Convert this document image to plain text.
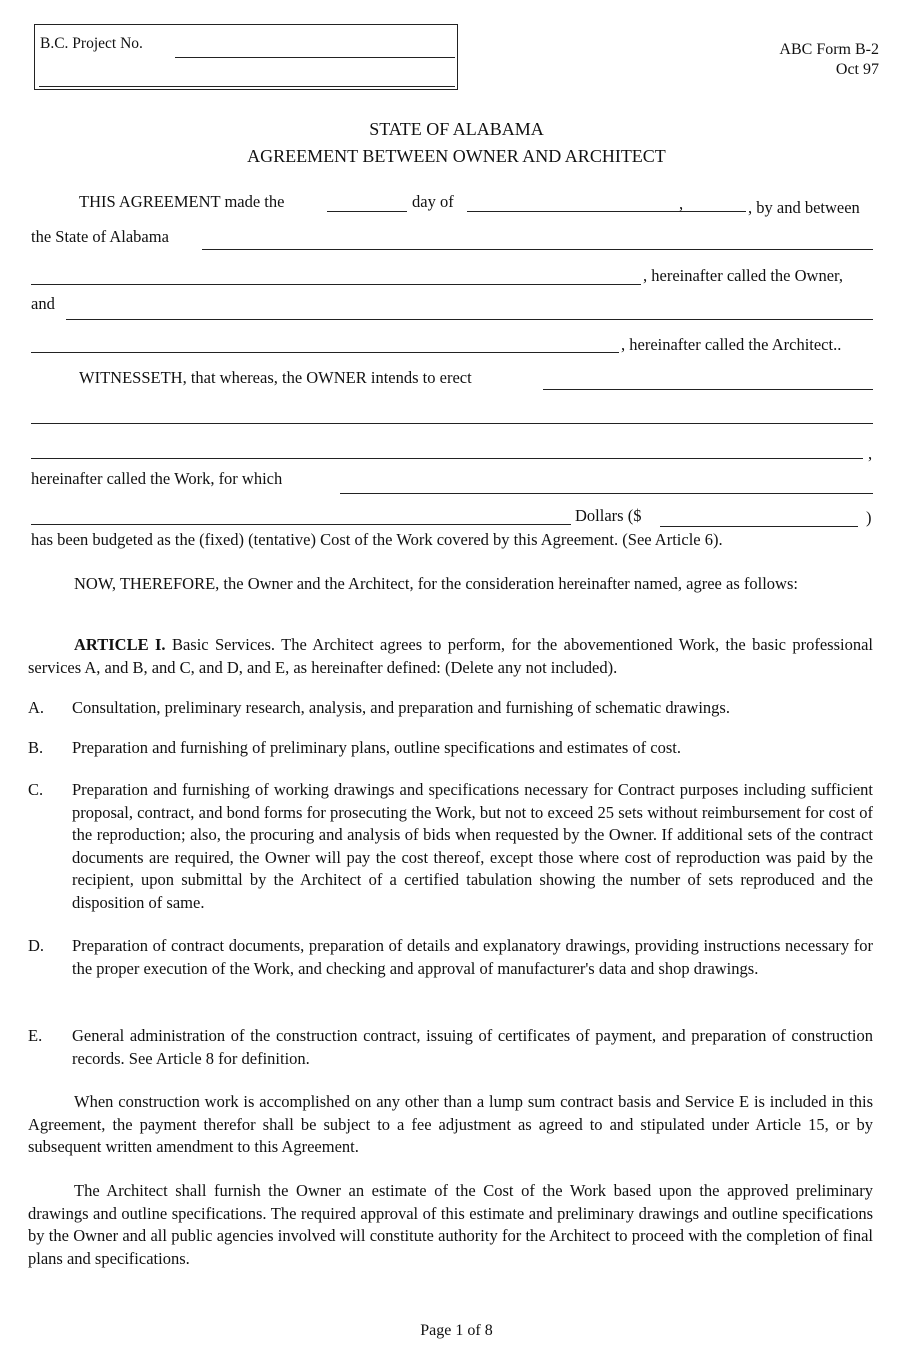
B.C. Project No.	ABC Form B-2
Oct 97
STATE OF ALABAMA
AGREEMENT BETWEEN OWNER AND ARCHITECT
THIS AGREEMENT made the	day of	,	, by and between
the State of Alabama
, hereinafter called the Owner,
and
, hereinafter called the Architect..
WITNESSETH, that whereas, the OWNER intends to erect
,
hereinafter called the Work, for which
Dollars ($	)
has been budgeted as the (fixed) (tentative) Cost of the Work covered by this Agreement. (See Article 6).
NOW, THEREFORE, the Owner and the Architect, for the consideration hereinafter named, agree as follows:
ARTICLE I. Basic Services. The Architect agrees to perform, for the abovementioned Work, the basic professional services A, and B, and C, and D, and E, as hereinafter defined: (Delete any not included).
A. Consultation, preliminary research, analysis, and preparation and furnishing of schematic drawings.
B. Preparation and furnishing of preliminary plans, outline specifications and estimates of cost.
C. Preparation and furnishing of working drawings and specifications necessary for Contract purposes including sufficient proposal, contract, and bond forms for prosecuting the Work, but not to exceed 25 sets without reimbursement for cost of the reproduction; also, the procuring and analysis of bids when requested by the Owner. If additional sets of the contract documents are required, the Owner will pay the cost thereof, except those where cost of reproduction was paid by the recipient, upon submittal by the Architect of a certified tabulation showing the number of sets reproduced and the disposition of same.
D. Preparation of contract documents, preparation of details and explanatory drawings, providing instructions necessary for the proper execution of the Work, and checking and approval of manufacturer's data and shop drawings.
E. General administration of the construction contract, issuing of certificates of payment, and preparation of construction records. See Article 8 for definition.
When construction work is accomplished on any other than a lump sum contract basis and Service E is included in this Agreement, the payment therefor shall be subject to a fee adjustment as agreed to and stipulated under Article 15, or by subsequent written amendment to this Agreement.
The Architect shall furnish the Owner an estimate of the Cost of the Work based upon the approved preliminary drawings and outline specifications. The required approval of this estimate and preliminary drawings and outline specifications by the Owner and all public agencies involved will constitute authority for the Architect to proceed with the completion of final plans and specifications.
Page 1 of 8
